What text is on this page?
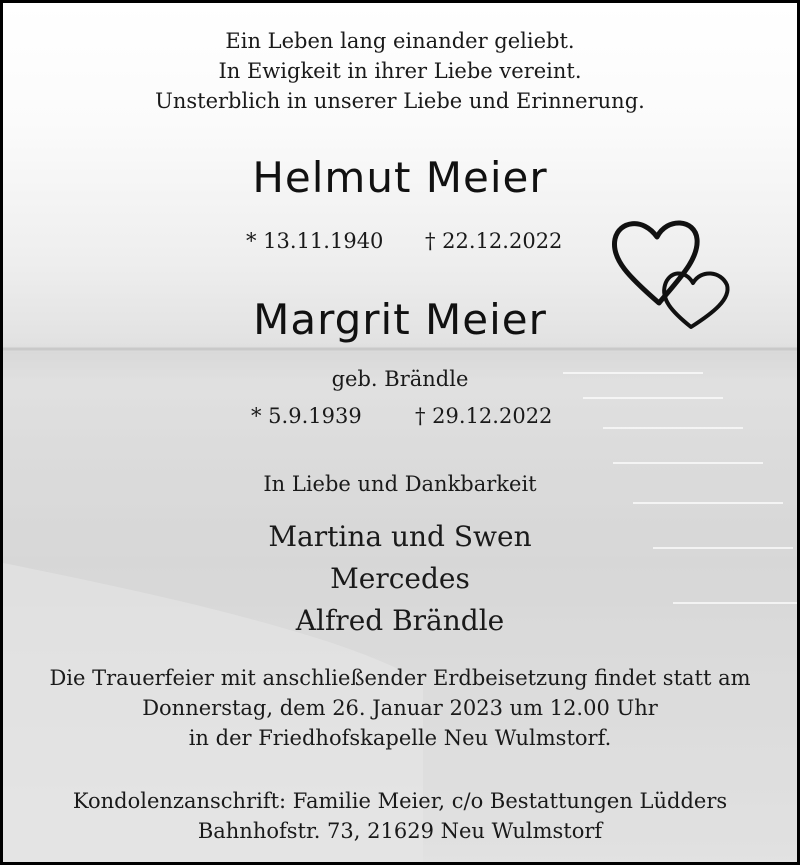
Ein Leben lang einander geliebt.
In Ewigkeit in ihrer Liebe vereint.
Unsterblich in unserer Liebe und Erinnerung.
Helmut Meier
* 13.11.1940 † 22.12.2022
Margrit Meier
geb. Brändle
* 5.9.1939	† 29.12.2022
In Liebe und Dankbarkeit
Martina und Swen
Mercedes
Alfred Brändle
Die Trauerfeier mit anschließender Erdbeisetzung findet statt am
Donnerstag, dem 26. Januar 2023 um 12.00 Uhr
in der Friedhofskapelle Neu Wulmstorf.
Kondolenzanschrift: Familie Meier, c/o Bestattungen Lüdders
Bahnhofstr. 73, 21629 Neu Wulmstorf
